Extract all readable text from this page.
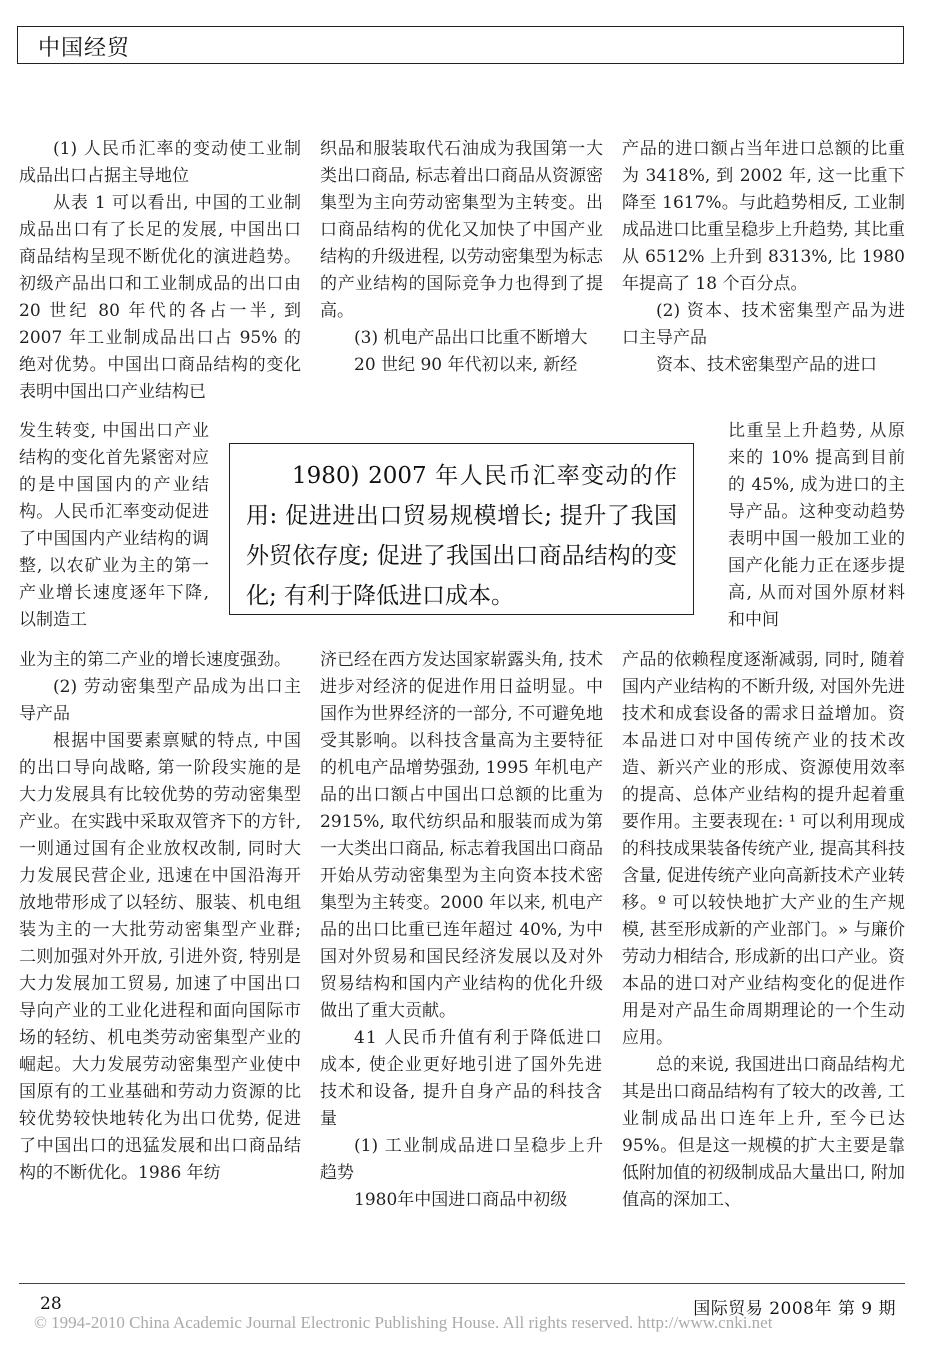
中国经贸

(1) 人民币汇率的变动使工业制成品出口占据主导地位

从表 1 可以看出, 中国的工业制成品出口有了长足的发展, 中国出口商品结构呈现不断优化的演进趋势。初级产品出口和工业制成品的出口由 20 世纪 80 年代的各占一半, 到 2007 年工业制成品出口占 95% 的绝对优势。中国出口商品结构的变化表明中国出口产业结构已

发生转变, 中国出口产业结构的变化首先紧密对应的是中国国内的产业结构。人民币汇率变动促进了中国国内产业结构的调整, 以农矿业为主的第一产业增长速度逐年下降, 以制造工

业为主的第二产业的增长速度强劲。

(2) 劳动密集型产品成为出口主导产品

根据中国要素禀赋的特点, 中国的出口导向战略, 第一阶段实施的是大力发展具有比较优势的劳动密集型产业。在实践中采取双管齐下的方针, 一则通过国有企业放权改制, 同时大力发展民营企业, 迅速在中国沿海开放地带形成了以轻纺、服装、机电组装为主的一大批劳动密集型产业群; 二则加强对外开放, 引进外资, 特别是大力发展加工贸易, 加速了中国出口导向产业的工业化进程和面向国际市场的轻纺、机电类劳动密集型产业的崛起。大力发展劳动密集型产业使中国原有的工业基础和劳动力资源的比较优势较快地转化为出口优势, 促进了中国出口的迅猛发展和出口商品结构的不断优化。1986 年纺

织品和服装取代石油成为我国第一大类出口商品, 标志着出口商品从资源密集型为主向劳动密集型为主转变。出口商品结构的优化又加快了中国产业结构的升级进程, 以劳动密集型为标志的产业结构的国际竞争力也得到了提高。

(3) 机电产品出口比重不断增大

20 世纪 90 年代初以来, 新经

1980) 2007 年人民币汇率变动的作用: 促进进出口贸易规模增长; 提升了我国外贸依存度; 促进了我国出口商品结构的变化; 有利于降低进口成本。

济已经在西方发达国家崭露头角, 技术进步对经济的促进作用日益明显。中国作为世界经济的一部分, 不可避免地受其影响。以科技含量高为主要特征的机电产品增势强劲, 1995 年机电产品的出口额占中国出口总额的比重为 2915%, 取代纺织品和服装而成为第一大类出口商品, 标志着我国出口商品开始从劳动密集型为主向资本技术密集型为主转变。2000 年以来, 机电产品的出口比重已连年超过 40%, 为中国对外贸易和国民经济发展以及对外贸易结构和国内产业结构的优化升级做出了重大贡献。

41 人民币升值有利于降低进口成本, 使企业更好地引进了国外先进技术和设备, 提升自身产品的科技含量

(1) 工业制成品进口呈稳步上升趋势

1980年中国进口商品中初级

产品的进口额占当年进口总额的比重为 3418%, 到 2002 年, 这一比重下降至 1617%。与此趋势相反, 工业制成品进口比重呈稳步上升趋势, 其比重从 6512% 上升到 8313%, 比 1980 年提高了 18 个百分点。

(2) 资本、技术密集型产品为进口主导产品

资本、技术密集型产品的进口

比重呈上升趋势, 从原来的 10% 提高到目前的 45%, 成为进口的主导产品。这种变动趋势表明中国一般加工业的国产化能力正在逐步提高, 从而对国外原材料和中间

产品的依赖程度逐渐减弱, 同时, 随着国内产业结构的不断升级, 对国外先进技术和成套设备的需求日益增加。资本品进口对中国传统产业的技术改造、新兴产业的形成、资源使用效率的提高、总体产业结构的提升起着重要作用。主要表现在: ¹ 可以利用现成的科技成果装备传统产业, 提高其科技含量, 促进传统产业向高新技术产业转移。º 可以较快地扩大产业的生产规模, 甚至形成新的产业部门。» 与廉价劳动力相结合, 形成新的出口产业。资本品的进口对产业结构变化的促进作用是对产品生命周期理论的一个生动应用。

总的来说, 我国进出口商品结构尤其是出口商品结构有了较大的改善, 工业制成品出口连年上升, 至今已达 95%。但是这一规模的扩大主要是靠低附加值的初级制成品大量出口, 附加值高的深加工、

28	国际贸易 2008年 第 9 期
© 1994-2010 China Academic Journal Electronic Publishing House. All rights reserved. http://www.cnki.net
